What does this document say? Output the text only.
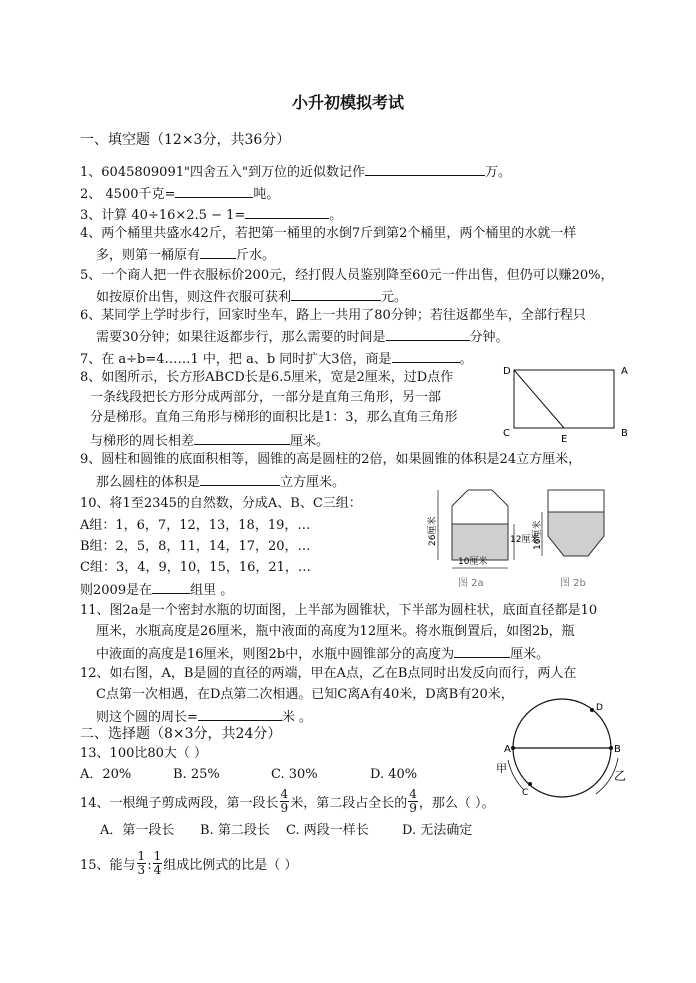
小升初模拟考试
一、填空题（12×3分，共36分）
1、6045809091"四舍五入"到万位的近似数记作	万。
2、 4500千克=	吨。
3、计算 40÷16×2.5 − 1=	。
4、两个桶里共盛水42斤，若把第一桶里的水倒7斤到第2个桶里，两个桶里的水就一样
多，则第一桶原有	斤水。
5、一个商人把一件衣服标价200元，经打假人员鉴别降至60元一件出售，但仍可以赚20%，
如按原价出售，则这件衣服可获利	元。
6、某同学上学时步行，回家时坐车，路上一共用了80分钟；若往返都坐车，全部行程只
需要30分钟；如果往返都步行，那么需要的时间是	分钟。
7、在 a÷b=4……1 中，把 a、b 同时扩大3倍，商是	。
8、如图所示，长方形ABCD长是6.5厘米，宽是2厘米，过D点作
一条线段把长方形分成两部分，一部分是直角三角形，另一部
分是梯形。直角三角形与梯形的面积比是1：3，那么直角三角形
与梯形的周长相差	厘米。
D	A
C
E
B
9、圆柱和圆锥的底面积相等，圆锥的高是圆柱的2倍，如果圆锥的体积是24立方厘米，
那么圆柱的体积是	立方厘米。
10、将1至2345的自然数，分成A、B、C三组：
A组：1，6，7，12，13，18，19，…
B组：2，5，8，11，14，17，20，…
C组：3，4，9，10，15，16，21，…
则2009是在	组里 。
26厘米	12厘米
10厘米
图 2a
16厘米
图 2b
11、图2a是一个密封水瓶的切面图，上半部为圆锥状，下半部为圆柱状，底面直径都是10
厘米，水瓶高度是26厘米，瓶中液面的高度为12厘米。将水瓶倒置后，如图2b，瓶
中液面的高度是16厘米，则图2b中，水瓶中圆锥部分的高度为	厘米。
12、如右图，A，B是圆的直径的两端，甲在A点，乙在B点同时出发反向而行，两人在
C点第一次相遇，在D点第二次相遇。已知C离A有40米，D离B有20米，
则这个圆的周长=	米 。
A	B
C
D
甲
乙
二、选择题（8×3分，共24分）
13、100比80大（ ）
A．20%	B. 25%	C. 30%	D. 40%
14、一根绳子剪成两段，第一段长 $\frac{4}{9}$ 米，第二段占全长的 $\frac{4}{9}$ ，那么（ ）。
A．第一段长 B. 第二段长 C. 两段一样长	D. 无法确定
15、能与 $\frac{1}{3}$ : $\frac{1}{4}$ 组成比例式的比是（ ）
